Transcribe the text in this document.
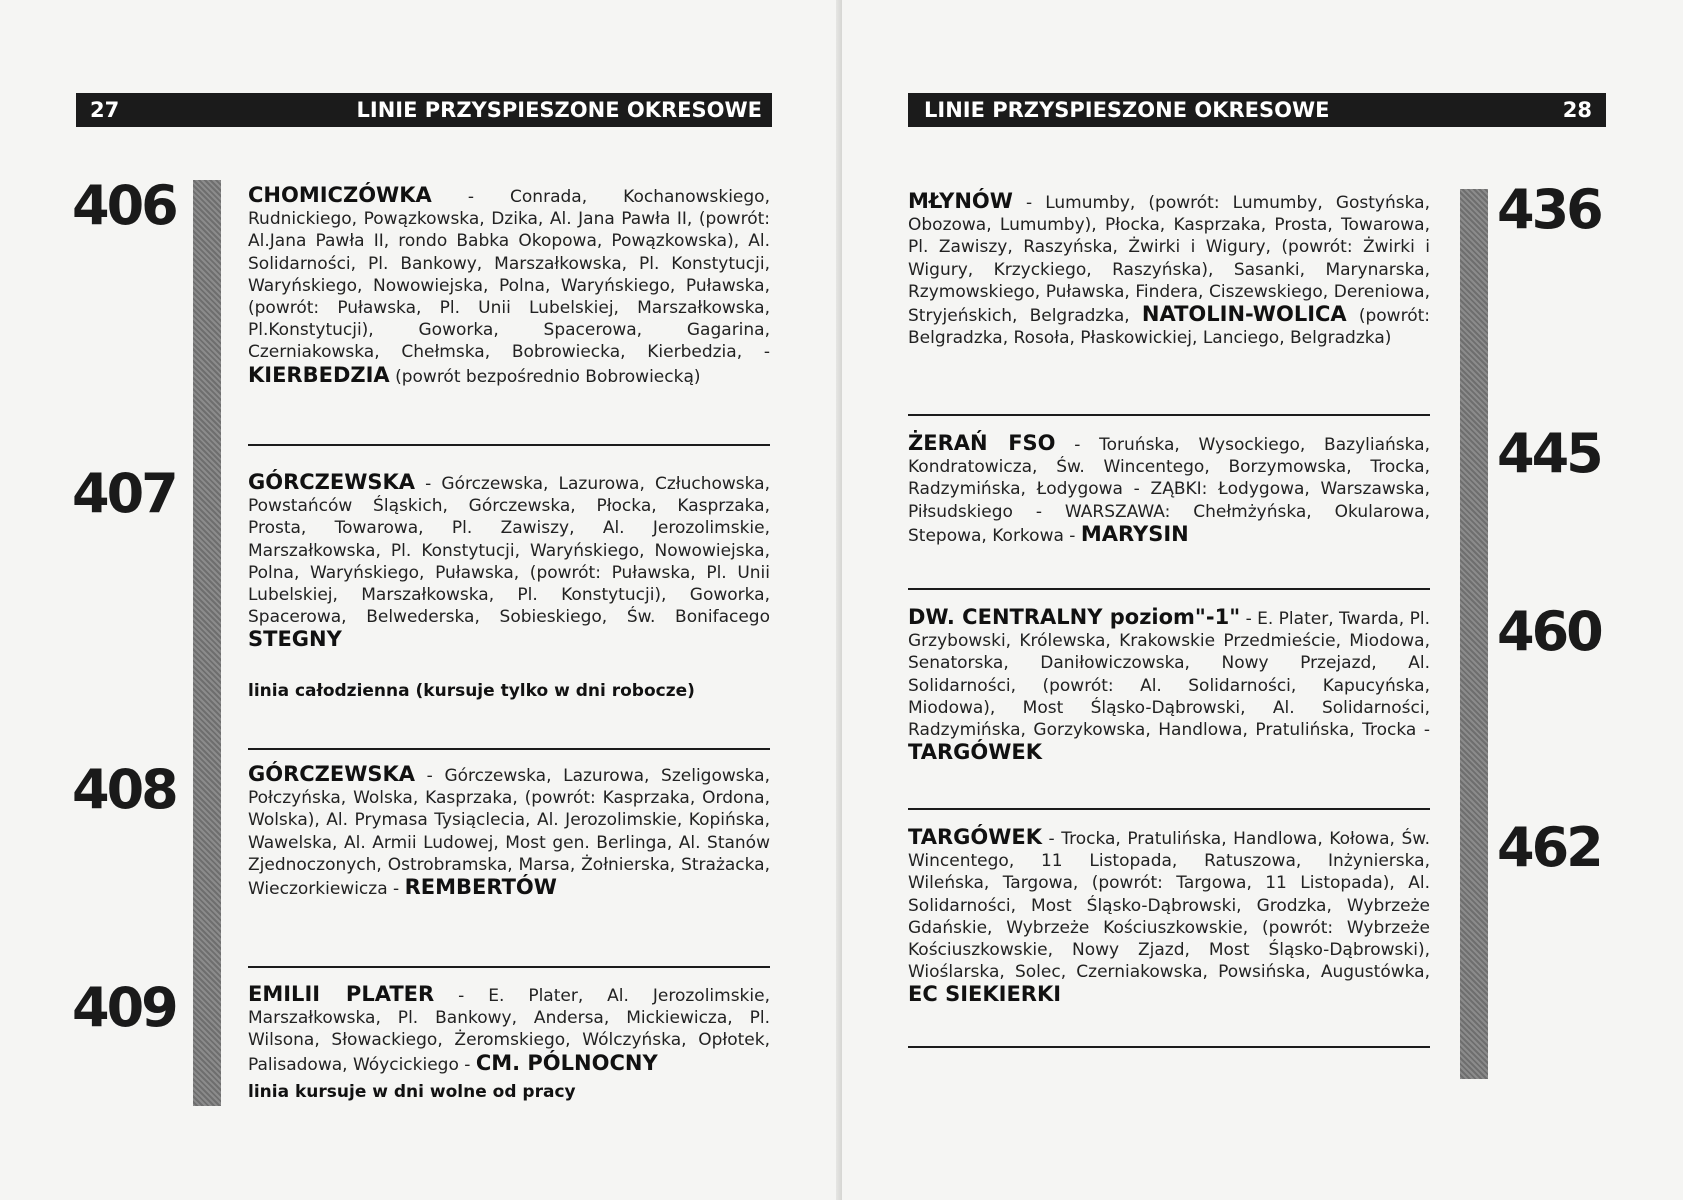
27	LINIE PRZYSPIESZONE OKRESOWE
406	CHOMICZÓWKA - Conrada, Kochanowskiego, Rudnickiego, Powązkowska, Dzika, Al. Jana Pawła II, (powrót: Al.Jana Pawła II, rondo Babka Okopowa, Powązkowska), Al. Solidarności, Pl. Bankowy, Marszałkowska, Pl. Konstytucji, Waryńskiego, Nowowiejska, Polna, Waryńskiego, Puławska, (powrót: Puławska, Pl. Unii Lubelskiej, Marszałkowska, Pl.Konstytucji), Goworka, Spacerowa, Gagarina, Czerniakowska, Chełmska, Bobrowiecka, Kierbedzia, - KIERBEDZIA (powrót bezpośrednio Bobrowiecką)
407	GÓRCZEWSKA - Górczewska, Lazurowa, Człuchowska, Powstańców Śląskich, Górczewska, Płocka, Kasprzaka, Prosta, Towarowa, Pl. Zawiszy, Al. Jerozolimskie, Marszałkowska, Pl. Konstytucji, Waryńskiego, Nowowiejska, Polna, Waryńskiego, Puławska, (powrót: Puławska, Pl. Unii Lubelskiej, Marszałkowska, Pl. Konstytucji), Goworka, Spacerowa, Belwederska, Sobieskiego, Św. Bonifacego STEGNY
linia całodzienna (kursuje tylko w dni robocze)
408	GÓRCZEWSKA - Górczewska, Lazurowa, Szeligowska, Połczyńska, Wolska, Kasprzaka, (powrót: Kasprzaka, Ordona, Wolska), Al. Prymasa Tysiąclecia, Al. Jerozolimskie, Kopińska, Wawelska, Al. Armii Ludowej, Most gen. Berlinga, Al. Stanów Zjednoczonych, Ostrobramska, Marsa, Żołnierska, Strażacka, Wieczorkiewicza - REMBERTÓW
409	EMILII PLATER - E. Plater, Al. Jerozolimskie, Marszałkowska, Pl. Bankowy, Andersa, Mickiewicza, Pl. Wilsona, Słowackiego, Żeromskiego, Wólczyńska, Opłotek, Palisadowa, Wóycickiego - CM. PÓLNOCNY
linia kursuje w dni wolne od pracy
LINIE PRZYSPIESZONE OKRESOWE	28
MŁYNÓW - Lumumby, (powrót: Lumumby, Gostyńska, Obozowa, Lumumby), Płocka, Kasprzaka, Prosta, Towarowa, Pl. Zawiszy, Raszyńska, Żwirki i Wigury, (powrót: Żwirki i Wigury, Krzyckiego, Raszyńska), Sasanki, Marynarska, Rzymowskiego, Puławska, Findera, Ciszewskiego, Dereniowa, Stryjeńskich, Belgradzka, NATOLIN-WOLICA (powrót: Belgradzka, Rosoła, Płaskowickiej, Lanciego, Belgradzka)
436
ŻERAŃ FSO - Toruńska, Wysockiego, Bazyliańska, Kondratowicza, Św. Wincentego, Borzymowska, Trocka, Radzymińska, Łodygowa - ZĄBKI: Łodygowa, Warszawska, Piłsudskiego - WARSZAWA: Chełmżyńska, Okularowa, Stepowa, Korkowa - MARYSIN
445
DW. CENTRALNY poziom"-1" - E. Plater, Twarda, Pl. Grzybowski, Królewska, Krakowskie Przedmieście, Miodowa, Senatorska, Daniłowiczowska, Nowy Przejazd, Al. Solidarności, (powrót: Al. Solidarności, Kapucyńska, Miodowa), Most Śląsko-Dąbrowski, Al. Solidarności, Radzymińska, Gorzykowska, Handlowa, Pratulińska, Trocka - TARGÓWEK
460
TARGÓWEK - Trocka, Pratulińska, Handlowa, Kołowa, Św. Wincentego, 11 Listopada, Ratuszowa, Inżynierska, Wileńska, Targowa, (powrót: Targowa, 11 Listopada), Al. Solidarności, Most Śląsko-Dąbrowski, Grodzka, Wybrzeże Gdańskie, Wybrzeże Kościuszkowskie, (powrót: Wybrzeże Kościuszkowskie, Nowy Zjazd, Most Śląsko-Dąbrowski), Wioślarska, Solec, Czerniakowska, Powsińska, Augustówka, EC SIEKIERKI
462
